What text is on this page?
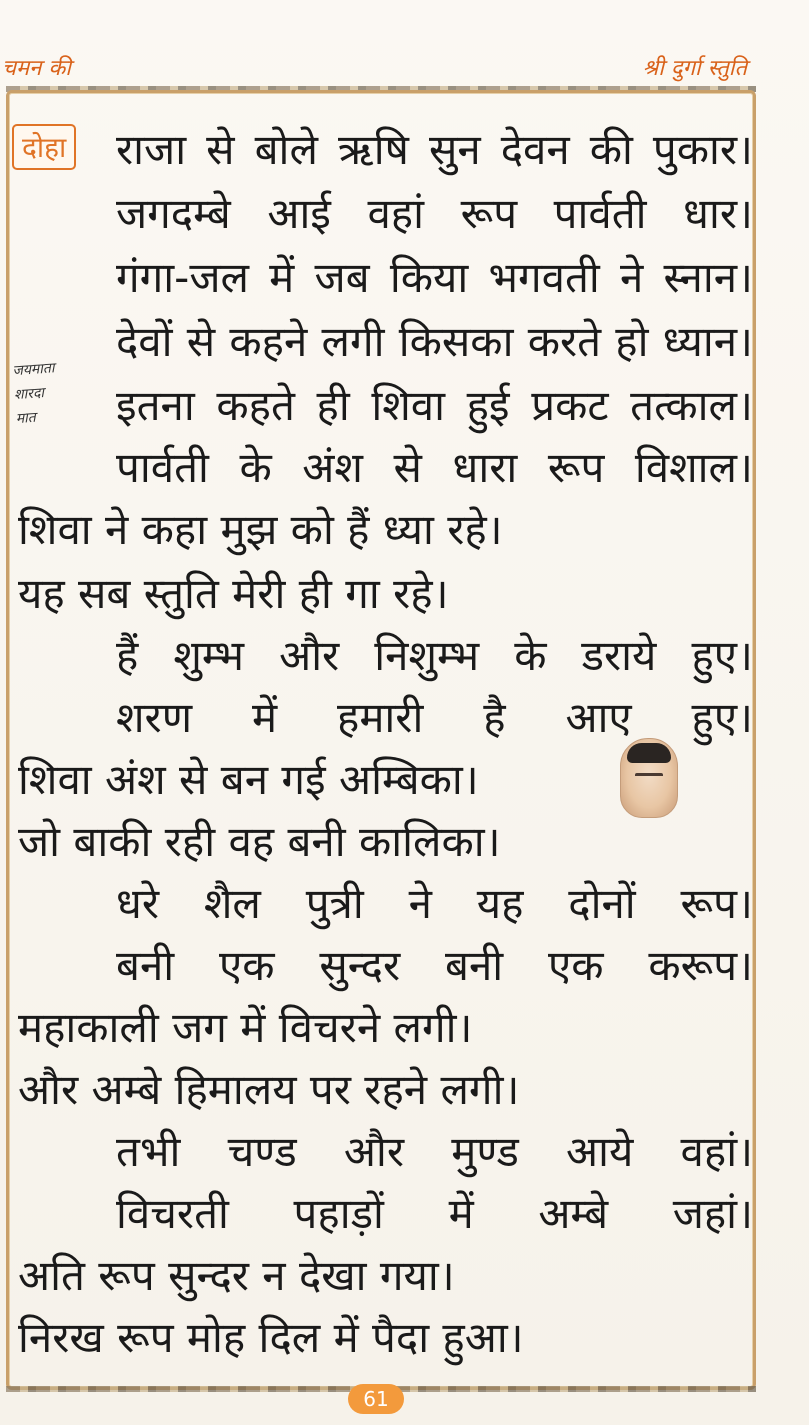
चमन की	श्री दुर्गा स्तुति
दोहा
जयमाता
शारदा
मात
राजा से बोले ऋषि सुन देवन की पुकार।
जगदम्बे आई वहां रूप पार्वती धार।
गंगा-जल में जब किया भगवती ने स्नान।
देवों से कहने लगी किसका करते हो ध्यान।
इतना कहते ही शिवा हुई प्रकट तत्काल।
पार्वती के अंश से धारा रूप विशाल।
शिवा ने कहा मुझ को हैं ध्या रहे।
यह सब स्तुति मेरी ही गा रहे।
हैं शुम्भ और निशुम्भ के डराये हुए।
शरण में हमारी है आए हुए।
शिवा अंश से बन गई अम्बिका।
जो बाकी रही वह बनी कालिका।
धरे शैल पुत्री ने यह दोनों रूप।
बनी एक सुन्दर बनी एक करूप।
महाकाली जग में विचरने लगी।
और अम्बे हिमालय पर रहने लगी।
तभी चण्ड और मुण्ड आये वहां।
विचरती पहाड़ों में अम्बे जहां।
अति रूप सुन्दर न देखा गया।
निरख रूप मोह दिल में पैदा हुआ।
61
